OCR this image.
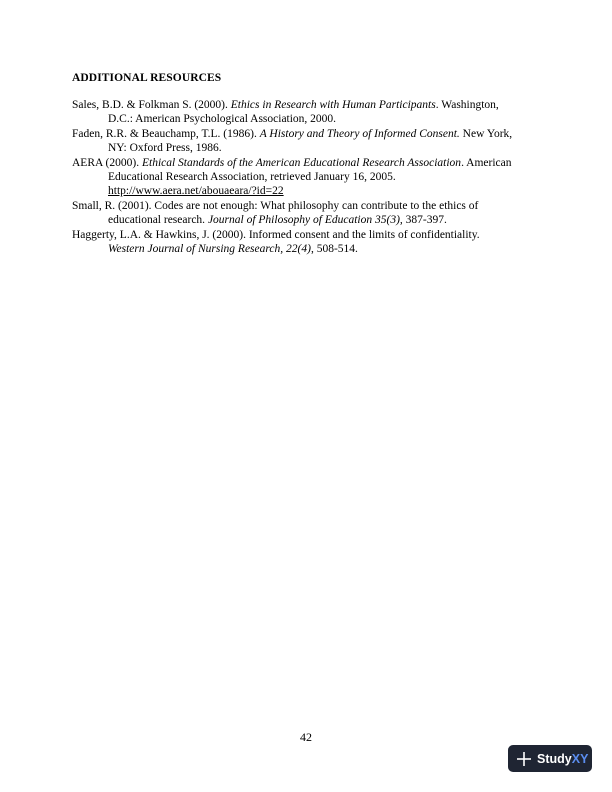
ADDITIONAL RESOURCES
Sales, B.D. & Folkman S. (2000). Ethics in Research with Human Participants. Washington,
D.C.: American Psychological Association, 2000.
Faden, R.R. & Beauchamp, T.L. (1986). A History and Theory of Informed Consent. New York,
NY: Oxford Press, 1986.
AERA (2000). Ethical Standards of the American Educational Research Association. American
Educational Research Association, retrieved January 16, 2005.
http://www.aera.net/abouaeara/?id=22
Small, R. (2001). Codes are not enough: What philosophy can contribute to the ethics of
educational research. Journal of Philosophy of Education 35(3), 387-397.
Haggerty, L.A. & Hawkins, J. (2000). Informed consent and the limits of confidentiality.
Western Journal of Nursing Research, 22(4), 508-514.
42
StudyXY
